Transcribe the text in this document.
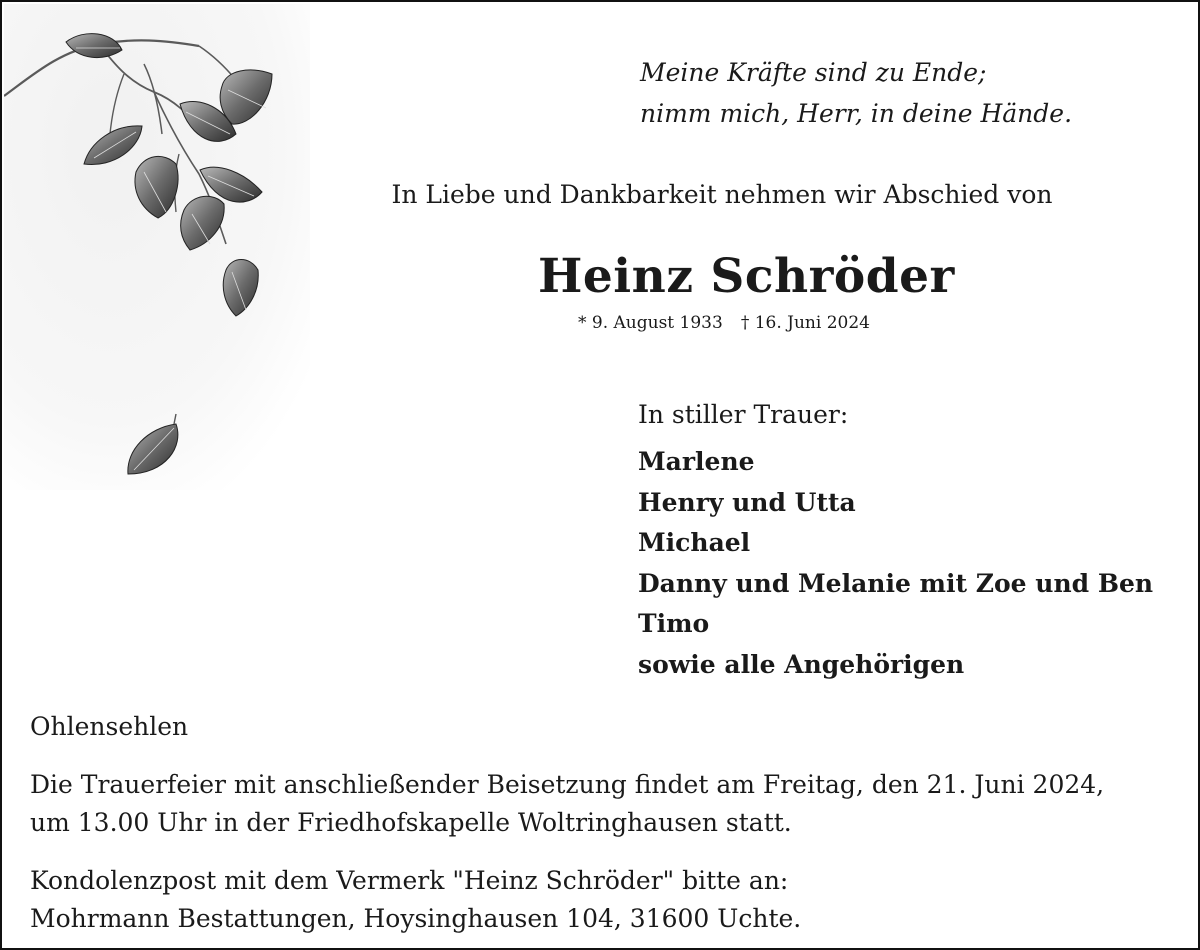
Meine Kräfte sind zu Ende;
nimm mich, Herr, in deine Hände.
In Liebe und Dankbarkeit nehmen wir Abschied von
Heinz Schröder
* 9. August 1933 † 16. Juni 2024
In stiller Trauer:
Marlene
Henry und Utta
Michael
Danny und Melanie mit Zoe und Ben
Timo
sowie alle Angehörigen
Ohlensehlen
Die Trauerfeier mit anschließender Beisetzung findet am Freitag, den 21. Juni 2024,
um 13.00 Uhr in der Friedhofskapelle Woltringhausen statt.
Kondolenzpost mit dem Vermerk "Heinz Schröder" bitte an:
Mohrmann Bestattungen, Hoysinghausen 104, 31600 Uchte.
